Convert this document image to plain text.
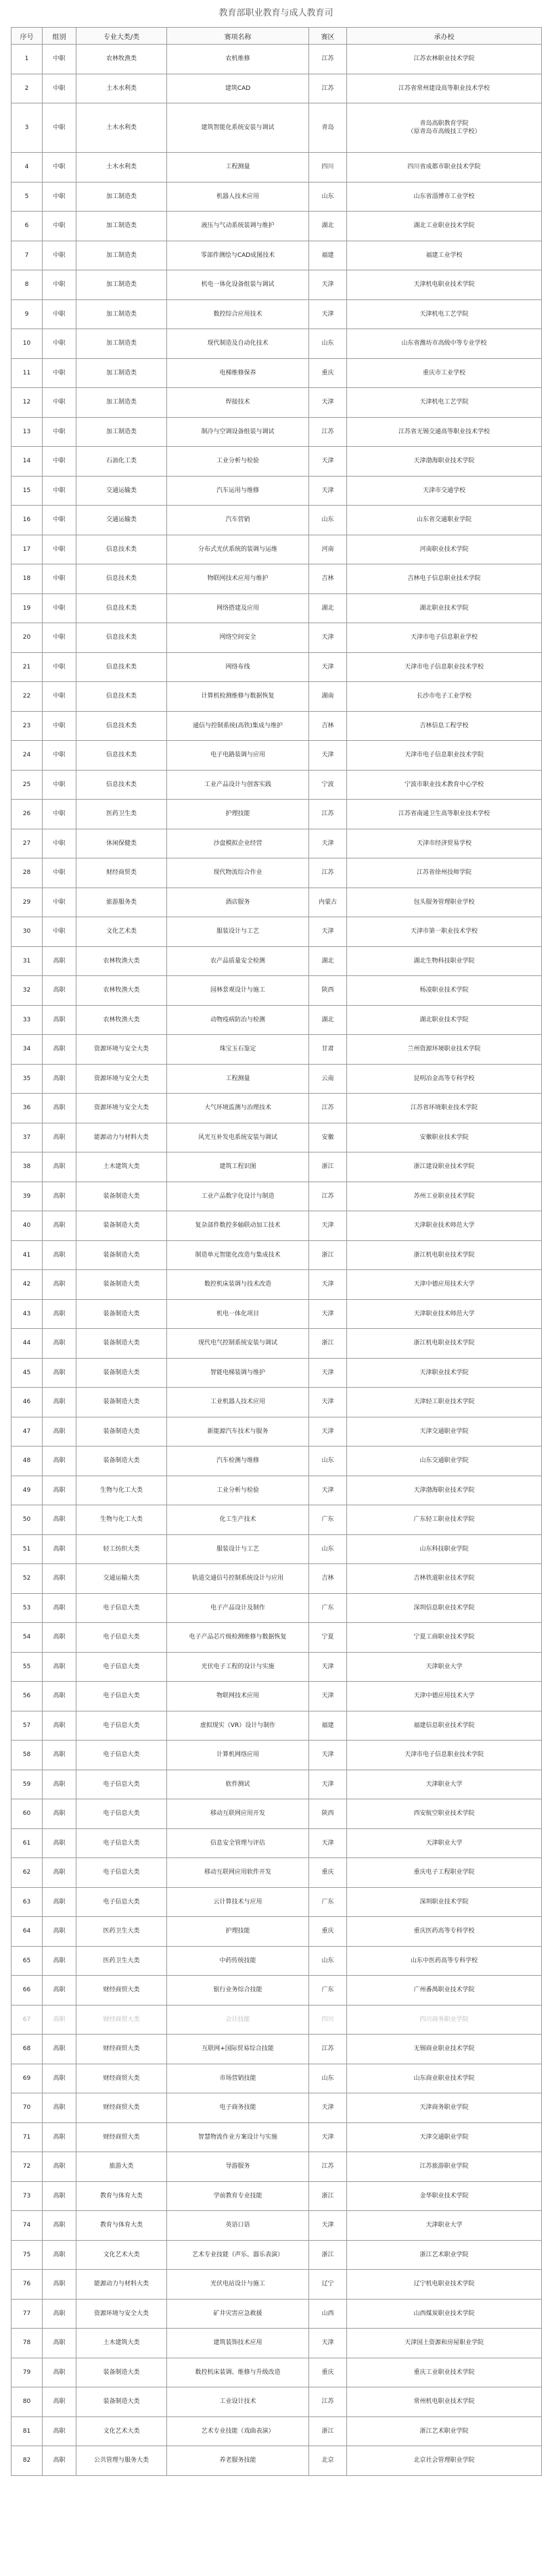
教育部职业教育与成人教育司
序号	组别	专业大类/类	赛项名称	赛区	承办校
1	中职	农林牧渔类	农机维修	江苏	江苏农林职业技术学院
2	中职	土木水利类	建筑CAD	江苏	江苏省常州建设高等职业技术学校
3	中职	土木水利类	建筑智能化系统安装与调试	青岛	青岛高职教育学院
（原青岛市高级技工学校）
4	中职	土木水利类	工程测量	四川	四川省成都市职业技术学院
5	中职	加工制造类	机器人技术应用	山东	山东省淄博市工业学校
6	中职	加工制造类	液压与气动系统装调与维护	湖北	湖北工业职业技术学院
7	中职	加工制造类	零部件测绘与CAD成图技术	福建	福建工业学校
8	中职	加工制造类	机电一体化设备组装与调试	天津	天津机电职业技术学院
9	中职	加工制造类	数控综合应用技术	天津	天津机电工艺学院
10	中职	加工制造类	现代制造及自动化技术	山东	山东省潍坊市高级中等专业学校
11	中职	加工制造类	电梯维修保养	重庆	重庆市工业学校
12	中职	加工制造类	焊接技术	天津	天津机电工艺学院
13	中职	加工制造类	制冷与空调设备组装与调试	江苏	江苏省无锡交通高等职业技术学校
14	中职	石油化工类	工业分析与检验	天津	天津渤海职业技术学院
15	中职	交通运输类	汽车运用与维修	天津	天津市交通学校
16	中职	交通运输类	汽车营销	山东	山东省交通职业学院
17	中职	信息技术类	分布式光伏系统的装调与运维	河南	河南职业技术学院
18	中职	信息技术类	物联网技术应用与维护	吉林	吉林电子信息职业技术学院
19	中职	信息技术类	网络搭建及应用	湖北	湖北职业技术学院
20	中职	信息技术类	网络空间安全	天津	天津市电子信息职业学校
21	中职	信息技术类	网络布线	天津	天津市电子信息职业技术学校
22	中职	信息技术类	计算机检测维修与数据恢复	湖南	长沙市电子工业学校
23	中职	信息技术类	通信与控制系统(高铁)集成与维护	吉林	吉林信息工程学校
24	中职	信息技术类	电子电路装调与应用	天津	天津市电子信息职业技术学院
25	中职	信息技术类	工业产品设计与创客实践	宁波	宁波市职业技术教育中心学校
26	中职	医药卫生类	护理技能	江苏	江苏省南通卫生高等职业技术学校
27	中职	休闲保健类	沙盘模拟企业经营	天津	天津市经济贸易学校
28	中职	财经商贸类	现代物流综合作业	江苏	江苏省徐州技师学院
29	中职	旅游服务类	酒店服务	内蒙古	包头服务管理职业学校
30	中职	文化艺术类	服装设计与工艺	天津	天津市第一职业技术学校
31	高职	农林牧渔大类	农产品质量安全检测	湖北	湖北生物科技职业学院
32	高职	农林牧渔大类	园林景观设计与施工	陕西	杨凌职业技术学院
33	高职	农林牧渔大类	动物疫病防治与检测	湖北	湖北职业技术学院
34	高职	资源环境与安全大类	珠宝玉石鉴定	甘肃	兰州资源环境职业技术学院
35	高职	资源环境与安全大类	工程测量	云南	昆明冶金高等专科学校
36	高职	资源环境与安全大类	大气环境监测与治理技术	江苏	江苏省环境职业技术学院
37	高职	能源动力与材料大类	风光互补发电系统安装与调试	安徽	安徽职业技术学院
38	高职	土木建筑大类	建筑工程识图	浙江	浙江建设职业技术学院
39	高职	装备制造大类	工业产品数字化设计与制造	江苏	苏州工业职业技术学院
40	高职	装备制造大类	复杂部件数控多轴联动加工技术	天津	天津职业技术师范大学
41	高职	装备制造大类	制造单元智能化改造与集成技术	浙江	浙江机电职业技术学院
42	高职	装备制造大类	数控机床装调与技术改造	天津	天津中德应用技术大学
43	高职	装备制造大类	机电一体化项目	天津	天津职业技术师范大学
44	高职	装备制造大类	现代电气控制系统安装与调试	浙江	浙江机电职业技术学院
45	高职	装备制造大类	智能电梯装调与维护	天津	天津职业技术学院
46	高职	装备制造大类	工业机器人技术应用	天津	天津轻工职业技术学院
47	高职	装备制造大类	新能源汽车技术与服务	天津	天津交通职业学院
48	高职	装备制造大类	汽车检测与维修	山东	山东交通职业学院
49	高职	生物与化工大类	工业分析与检验	天津	天津渤海职业技术学院
50	高职	生物与化工大类	化工生产技术	广东	广东轻工职业技术学院
51	高职	轻工纺织大类	服装设计与工艺	山东	山东科技职业学院
52	高职	交通运输大类	轨道交通信号控制系统设计与应用	吉林	吉林铁道职业技术学院
53	高职	电子信息大类	电子产品设计及制作	广东	深圳信息职业技术学院
54	高职	电子信息大类	电子产品芯片级检测维修与数据恢复	宁夏	宁夏工商职业技术学院
55	高职	电子信息大类	光伏电子工程的设计与实施	天津	天津职业大学
56	高职	电子信息大类	物联网技术应用	天津	天津中德应用技术大学
57	高职	电子信息大类	虚拟现实（VR）设计与制作	福建	福建信息职业技术学院
58	高职	电子信息大类	计算机网络应用	天津	天津市电子信息职业技术学院
59	高职	电子信息大类	软件测试	天津	天津职业大学
60	高职	电子信息大类	移动互联网应用开发	陕西	西安航空职业技术学院
61	高职	电子信息大类	信息安全管理与评估	天津	天津职业大学
62	高职	电子信息大类	移动互联网应用软件开发	重庆	重庆电子工程职业学院
63	高职	电子信息大类	云计算技术与应用	广东	深圳职业技术学院
64	高职	医药卫生大类	护理技能	重庆	重庆医药高等专科学校
65	高职	医药卫生大类	中药传统技能	山东	山东中医药高等专科学校
66	高职	财经商贸大类	银行业务综合技能	广东	广州番禺职业技术学院
67	高职	财经商贸大类	会计技能	四川	四川商务职业学院
68	高职	财经商贸大类	互联网+国际贸易综合技能	江苏	无锡商业职业技术学院
69	高职	财经商贸大类	市场营销技能	山东	山东商业职业技术学院
70	高职	财经商贸大类	电子商务技能	天津	天津商务职业学院
71	高职	财经商贸大类	智慧物流作业方案设计与实施	天津	天津交通职业学院
72	高职	旅游大类	导游服务	江苏	江苏旅游职业学院
73	高职	教育与体育大类	学前教育专业技能	浙江	金华职业技术学院
74	高职	教育与体育大类	英语口语	天津	天津职业大学
75	高职	文化艺术大类	艺术专业技能（声乐、器乐表演）	浙江	浙江艺术职业学院
76	高职	能源动力与材料大类	光伏电站设计与施工	辽宁	辽宁机电职业技术学院
77	高职	资源环境与安全大类	矿井灾害应急救援	山西	山西煤炭职业技术学院
78	高职	土木建筑大类	建筑装饰技术应用	天津	天津国土资源和房屋职业学院
79	高职	装备制造大类	数控机床装调、维修与升级改造	重庆	重庆工业职业技术学院
80	高职	装备制造大类	工业设计技术	江苏	常州机电职业技术学院
81	高职	文化艺术大类	艺术专业技能（戏曲表演）	浙江	浙江艺术职业学院
82	高职	公共管理与服务大类	养老服务技能	北京	北京社会管理职业学院
